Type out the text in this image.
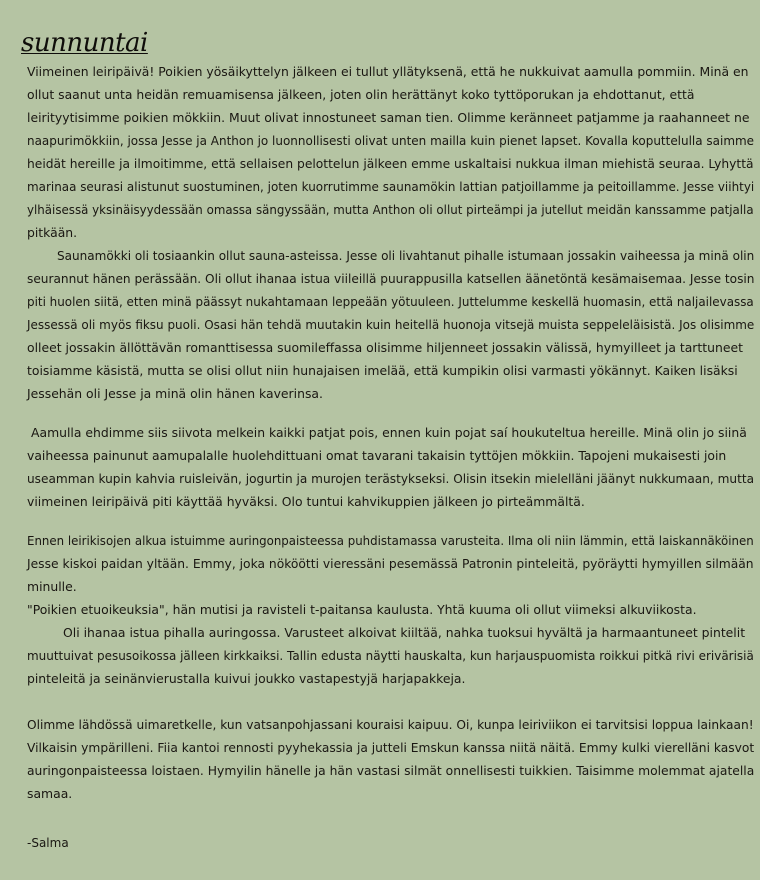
sunnuntai
Viimeinen leiripäivä! Poikien yösäikyttelyn jälkeen ei tullut yllätyksenä, että he nukkuivat aamulla pommiin. Minä en
ollut saanut unta heidän remuamisensa jälkeen, joten olin herättänyt koko tyttöporukan ja ehdottanut, että
leirityytisimme poikien mökkiin. Muut olivat innostuneet saman tien. Olimme keränneet patjamme ja raahanneet ne
naapurimökkiin, jossa Jesse ja Anthon jo luonnollisesti olivat unten mailla kuin pienet lapset. Kovalla koputtelulla saimme
heidät hereille ja ilmoitimme, että sellaisen pelottelun jälkeen emme uskaltaisi nukkua ilman miehistä seuraa. Lyhyttä
marinaa seurasi alistunut suostuminen, joten kuorrutimme saunamökin lattian patjoillamme ja peitoillamme. Jesse viihtyi
ylhäisessä yksinäisyydessään omassa sängyssään, mutta Anthon oli ollut pirteämpi ja jutellut meidän kanssamme patjalla
pitkään.
Saunamökki oli tosiaankin ollut sauna-asteissa. Jesse oli livahtanut pihalle istumaan jossakin vaiheessa ja minä olin
seurannut hänen perässään. Oli ollut ihanaa istua viileillä puurappusilla katsellen äänetöntä kesämaisemaa. Jesse tosin
piti huolen siitä, etten minä päässyt nukahtamaan leppeään yötuuleen. Juttelumme keskellä huomasin, että naljailevassa
Jessessä oli myös fiksu puoli. Osasi hän tehdä muutakin kuin heitellä huonoja vitsejä muista seppeleläisistä. Jos olisimme
olleet jossakin ällöttävän romanttisessa suomileffassa olisimme hiljenneet jossakin välissä, hymyilleet ja tarttuneet
toisiamme käsistä, mutta se olisi ollut niin hunajaisen imelää, että kumpikin olisi varmasti yökännyt. Kaiken lisäksi
Jessehän oli Jesse ja minä olin hänen kaverinsa.
Aamulla ehdimme siis siivota melkein kaikki patjat pois, ennen kuin pojat saí houkuteltua hereille. Minä olin jo siinä
vaiheessa painunut aamupalalle huolehdittuani omat tavarani takaisin tyttöjen mökkiin. Tapojeni mukaisesti join
useamman kupin kahvia ruisleivän, jogurtin ja murojen terästykseksi. Olisin itsekin mielelläni jäänyt nukkumaan, mutta
viimeinen leiripäivä piti käyttää hyväksi. Olo tuntui kahvikuppien jälkeen jo pirteämmältä.
Ennen leirikisojen alkua istuimme auringonpaisteessa puhdistamassa varusteita. Ilma oli niin lämmin, että laiskannäköinen
Jesse kiskoi paidan yltään. Emmy, joka nököötti vieressäni pesemässä Patronin pinteleitä, pyöräytti hymyillen silmään
minulle.
"Poikien etuoikeuksia", hän mutisi ja ravisteli t-paitansa kaulusta. Yhtä kuuma oli ollut viimeksi alkuviikosta.
Oli ihanaa istua pihalla auringossa. Varusteet alkoivat kiiltää, nahka tuoksui hyvältä ja harmaantuneet pintelit
muuttuivat pesusoikossa jälleen kirkkaiksi. Tallin edusta näytti hauskalta, kun harjauspuomista roikkui pitkä rivi erivärisiä
pinteleitä ja seinänvierustalla kuivui joukko vastapestyjä harjapakkeja.
Olimme lähdössä uimaretkelle, kun vatsanpohjassani kouraisi kaipuu. Oi, kunpa leiriviikon ei tarvitsisi loppua lainkaan!
Vilkaisin ympärilleni. Fiia kantoi rennosti pyyhekassia ja jutteli Emskun kanssa niitä näitä. Emmy kulki vierelläni kasvot
auringonpaisteessa loistaen. Hymyilin hänelle ja hän vastasi silmät onnellisesti tuikkien. Taisimme molemmat ajatella
samaa.
-Salma
